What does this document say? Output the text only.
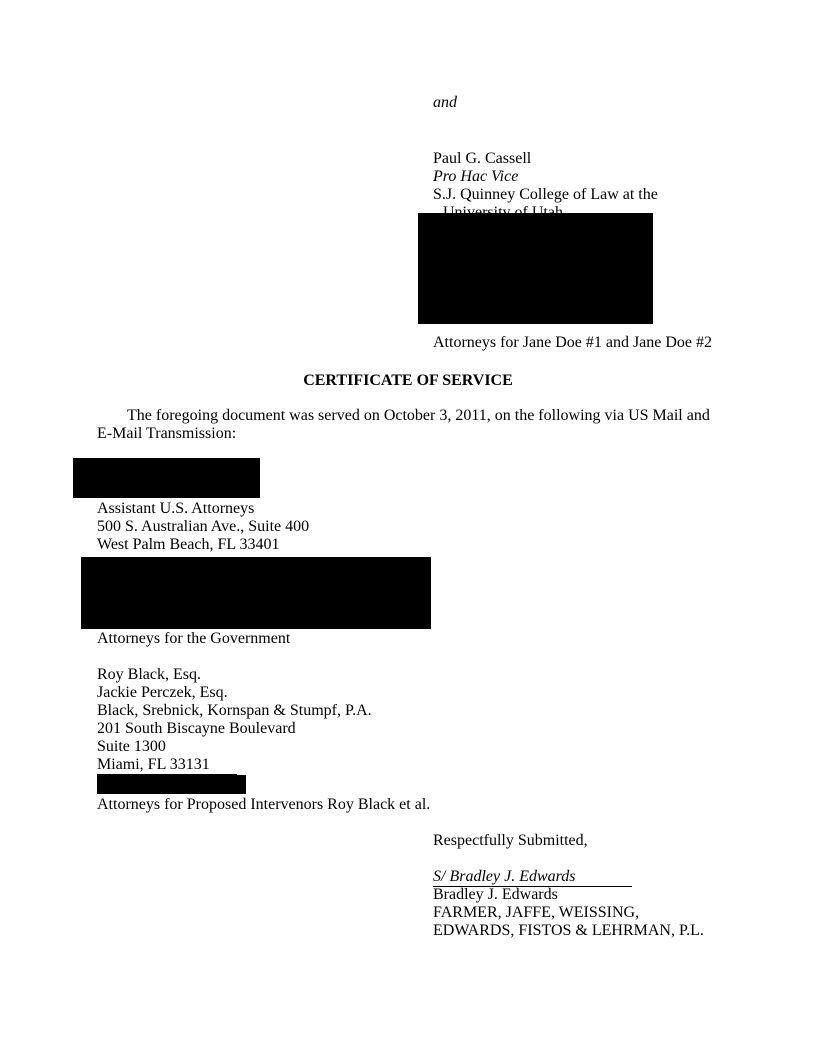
and
Paul G. Cassell
Pro Hac Vice
S.J. Quinney College of Law at the
Attorneys for Jane Doe #1 and Jane Doe #2
CERTIFICATE OF SERVICE
The foregoing document was served on October 3, 2011, on the following via US Mail and
E-Mail Transmission:
Assistant U.S. Attorneys
500 S. Australian Ave., Suite 400
West Palm Beach, FL 33401
Attorneys for the Government
Roy Black, Esq.
Jackie Perczek, Esq.
Black, Srebnick, Kornspan & Stumpf, P.A.
201 South Biscayne Boulevard
Suite 1300
Miami, FL 33131
Attorneys for Proposed Intervenors Roy Black et al.
Respectfully Submitted,
S/ Bradley J. Edwards
Bradley J. Edwards
FARMER, JAFFE, WEISSING,
EDWARDS, FISTOS & LEHRMAN, P.L.
